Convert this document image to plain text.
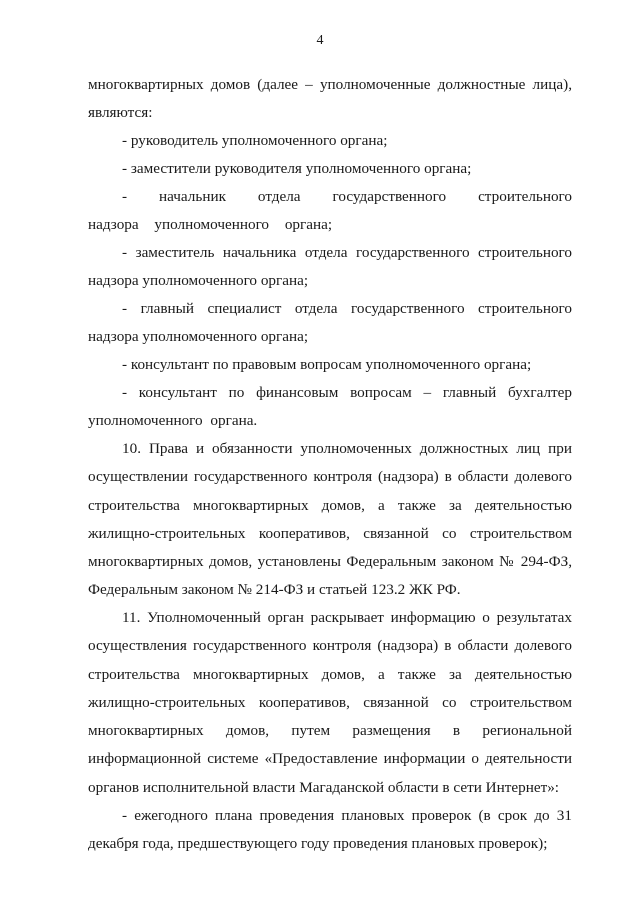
4

многоквартирных домов (далее – уполномоченные должностные лица), являются:

- руководитель уполномоченного органа;

- заместители руководителя уполномоченного органа;

- начальник отдела государственного строительного надзора уполномоченного органа;

- заместитель начальника отдела государственного строительного надзора уполномоченного органа;

- главный специалист отдела государственного строительного надзора уполномоченного органа;

- консультант по правовым вопросам уполномоченного органа;

- консультант по финансовым вопросам – главный бухгалтер уполномоченного органа.

10. Права и обязанности уполномоченных должностных лиц при осуществлении государственного контроля (надзора) в области долевого строительства многоквартирных домов, а также за деятельностью жилищно-строительных кооперативов, связанной со строительством многоквартирных домов, установлены Федеральным законом № 294-ФЗ, Федеральным законом № 214-ФЗ и статьей 123.2 ЖК РФ.

11. Уполномоченный орган раскрывает информацию о результатах осуществления государственного контроля (надзора) в области долевого строительства многоквартирных домов, а также за деятельностью жилищно-строительных кооперативов, связанной со строительством многоквартирных домов, путем размещения в региональной информационной системе «Предоставление информации о деятельности органов исполнительной власти Магаданской области в сети Интернет»:

- ежегодного плана проведения плановых проверок (в срок до 31 декабря года, предшествующего году проведения плановых проверок);
